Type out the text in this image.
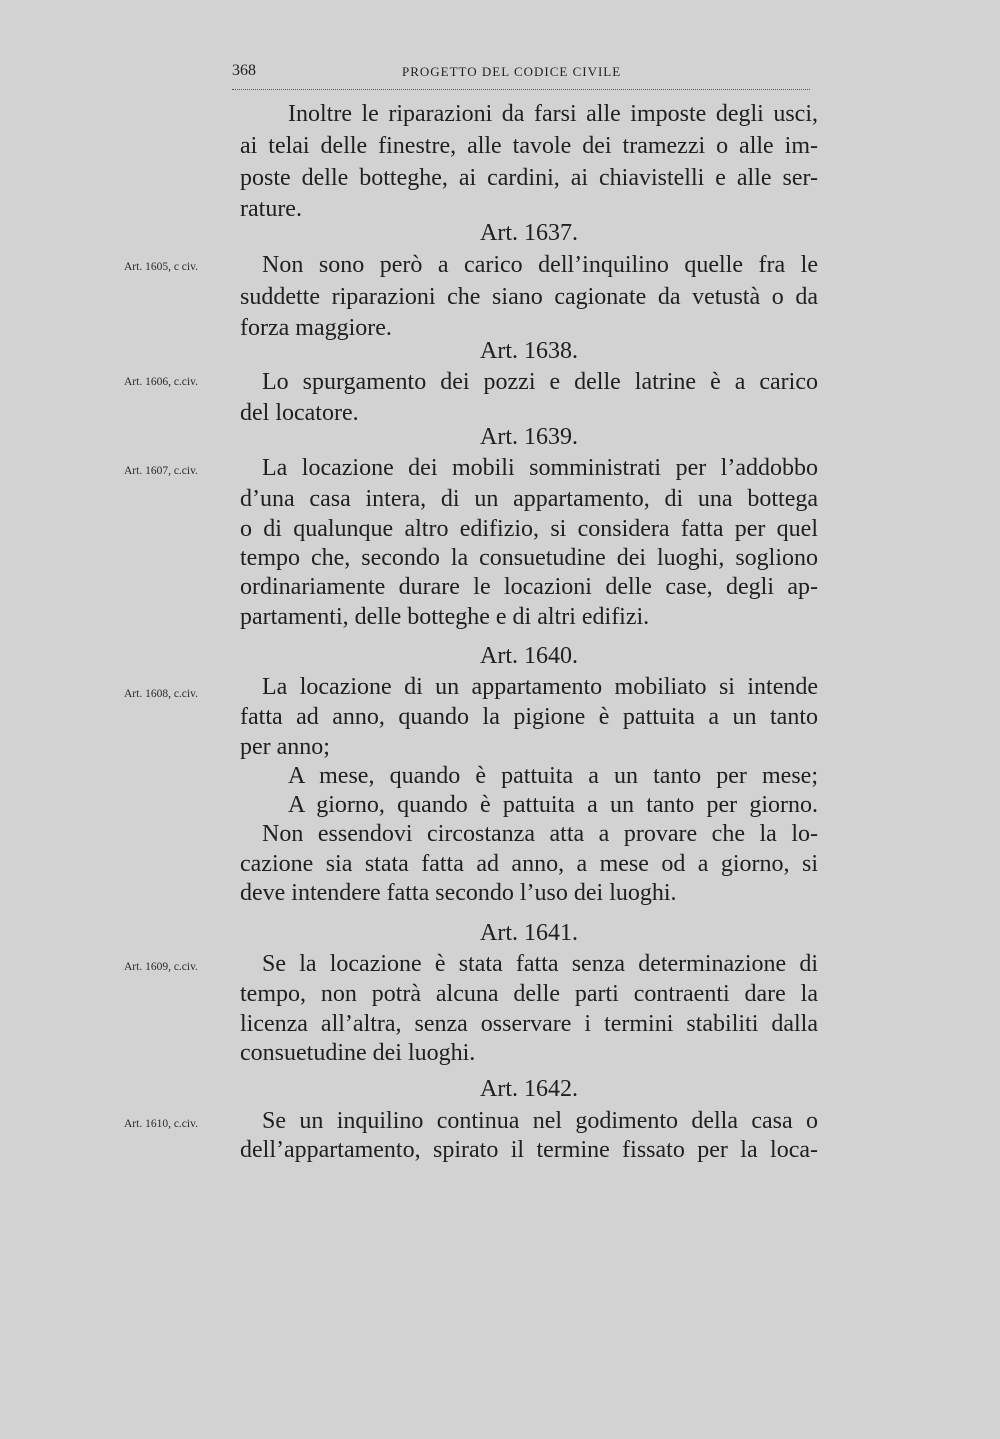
368	PROGETTO DEL CODICE CIVILE
Inoltre le riparazioni da farsi alle imposte degli usci,
ai telai delle finestre, alle tavole dei tramezzi o alle im-
poste delle botteghe, ai cardini, ai chiavistelli e alle ser-
rature.
Art. 1637.
Art. 1605, c civ.	Non sono però a carico dell’inquilino quelle fra le
suddette riparazioni che siano cagionate da vetustà o da
forza maggiore.
Art. 1638.
Art. 1606, c.civ.	Lo spurgamento dei pozzi e delle latrine è a carico
del locatore.
Art. 1639.
Art. 1607, c.civ.	La locazione dei mobili somministrati per l’addobbo
d’una casa intera, di un appartamento, di una bottega
o di qualunque altro edifizio, si considera fatta per quel
tempo che, secondo la consuetudine dei luoghi, sogliono
ordinariamente durare le locazioni delle case, degli ap-
partamenti, delle botteghe e di altri edifizi.
Art. 1640.
Art. 1608, c.civ.	La locazione di un appartamento mobiliato si intende
fatta ad anno, quando la pigione è pattuita a un tanto
per anno;
A mese, quando è pattuita a un tanto per mese;
A giorno, quando è pattuita a un tanto per giorno.
Non essendovi circostanza atta a provare che la lo-
cazione sia stata fatta ad anno, a mese od a giorno, si
deve intendere fatta secondo l’uso dei luoghi.
Art. 1641.
Art. 1609, c.civ.	Se la locazione è stata fatta senza determinazione di
tempo, non potrà alcuna delle parti contraenti dare la
licenza all’altra, senza osservare i termini stabiliti dalla
consuetudine dei luoghi.
Art. 1642.
Art. 1610, c.civ.	Se un inquilino continua nel godimento della casa o
dell’appartamento, spirato il termine fissato per la loca-
